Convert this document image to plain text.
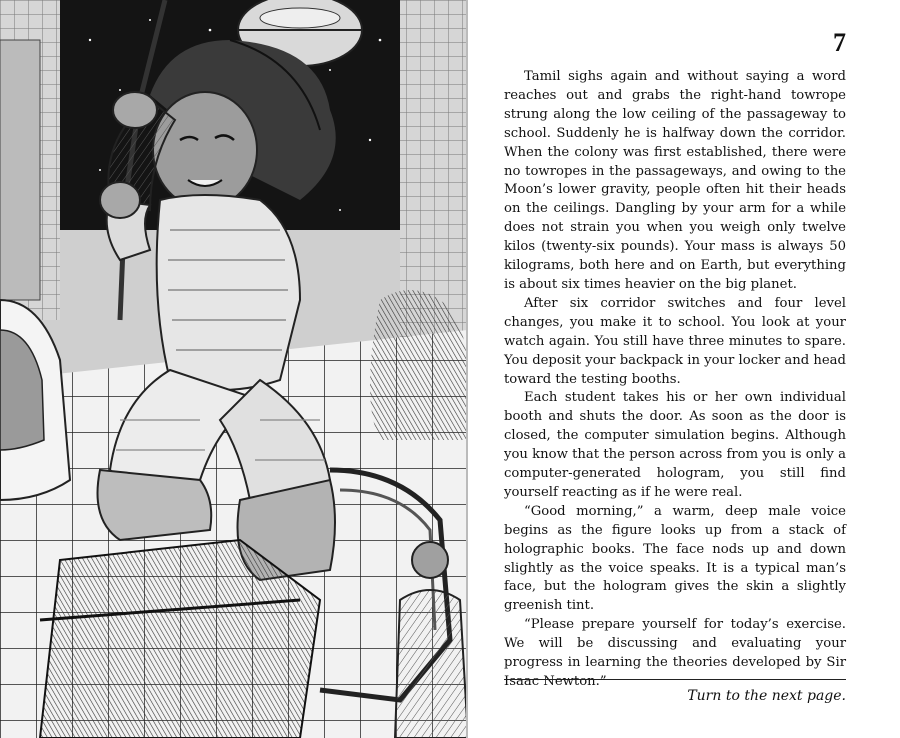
7

Tamil sighs again and without saying a word reaches out and grabs the right-hand towrope strung along the low ceiling of the passageway to school. Suddenly he is halfway down the corridor. When the colony was first established, there were no towropes in the passageways, and owing to the Moon’s lower gravity, people often hit their heads on the ceilings. Dangling by your arm for a while does not strain you when you weigh only twelve kilos (twenty-six pounds). Your mass is always 50 kilograms, both here and on Earth, but everything is about six times heavier on the big planet.

After six corridor switches and four level changes, you make it to school. You look at your watch again. You still have three minutes to spare. You deposit your backpack in your locker and head toward the testing booths.

Each student takes his or her own individual booth and shuts the door. As soon as the door is closed, the computer simulation begins. Although you know that the person across from you is only a computer-generated hologram, you still find yourself reacting as if he were real.

“Good morning,” a warm, deep male voice begins as the figure looks up from a stack of holographic books. The face nods up and down slightly as the voice speaks. It is a typical man’s face, but the hologram gives the skin a slightly greenish tint.

“Please prepare yourself for today’s exercise. We will be discussing and evaluating your progress in learning the theories developed by Sir Isaac Newton.”

Turn to the next page.
